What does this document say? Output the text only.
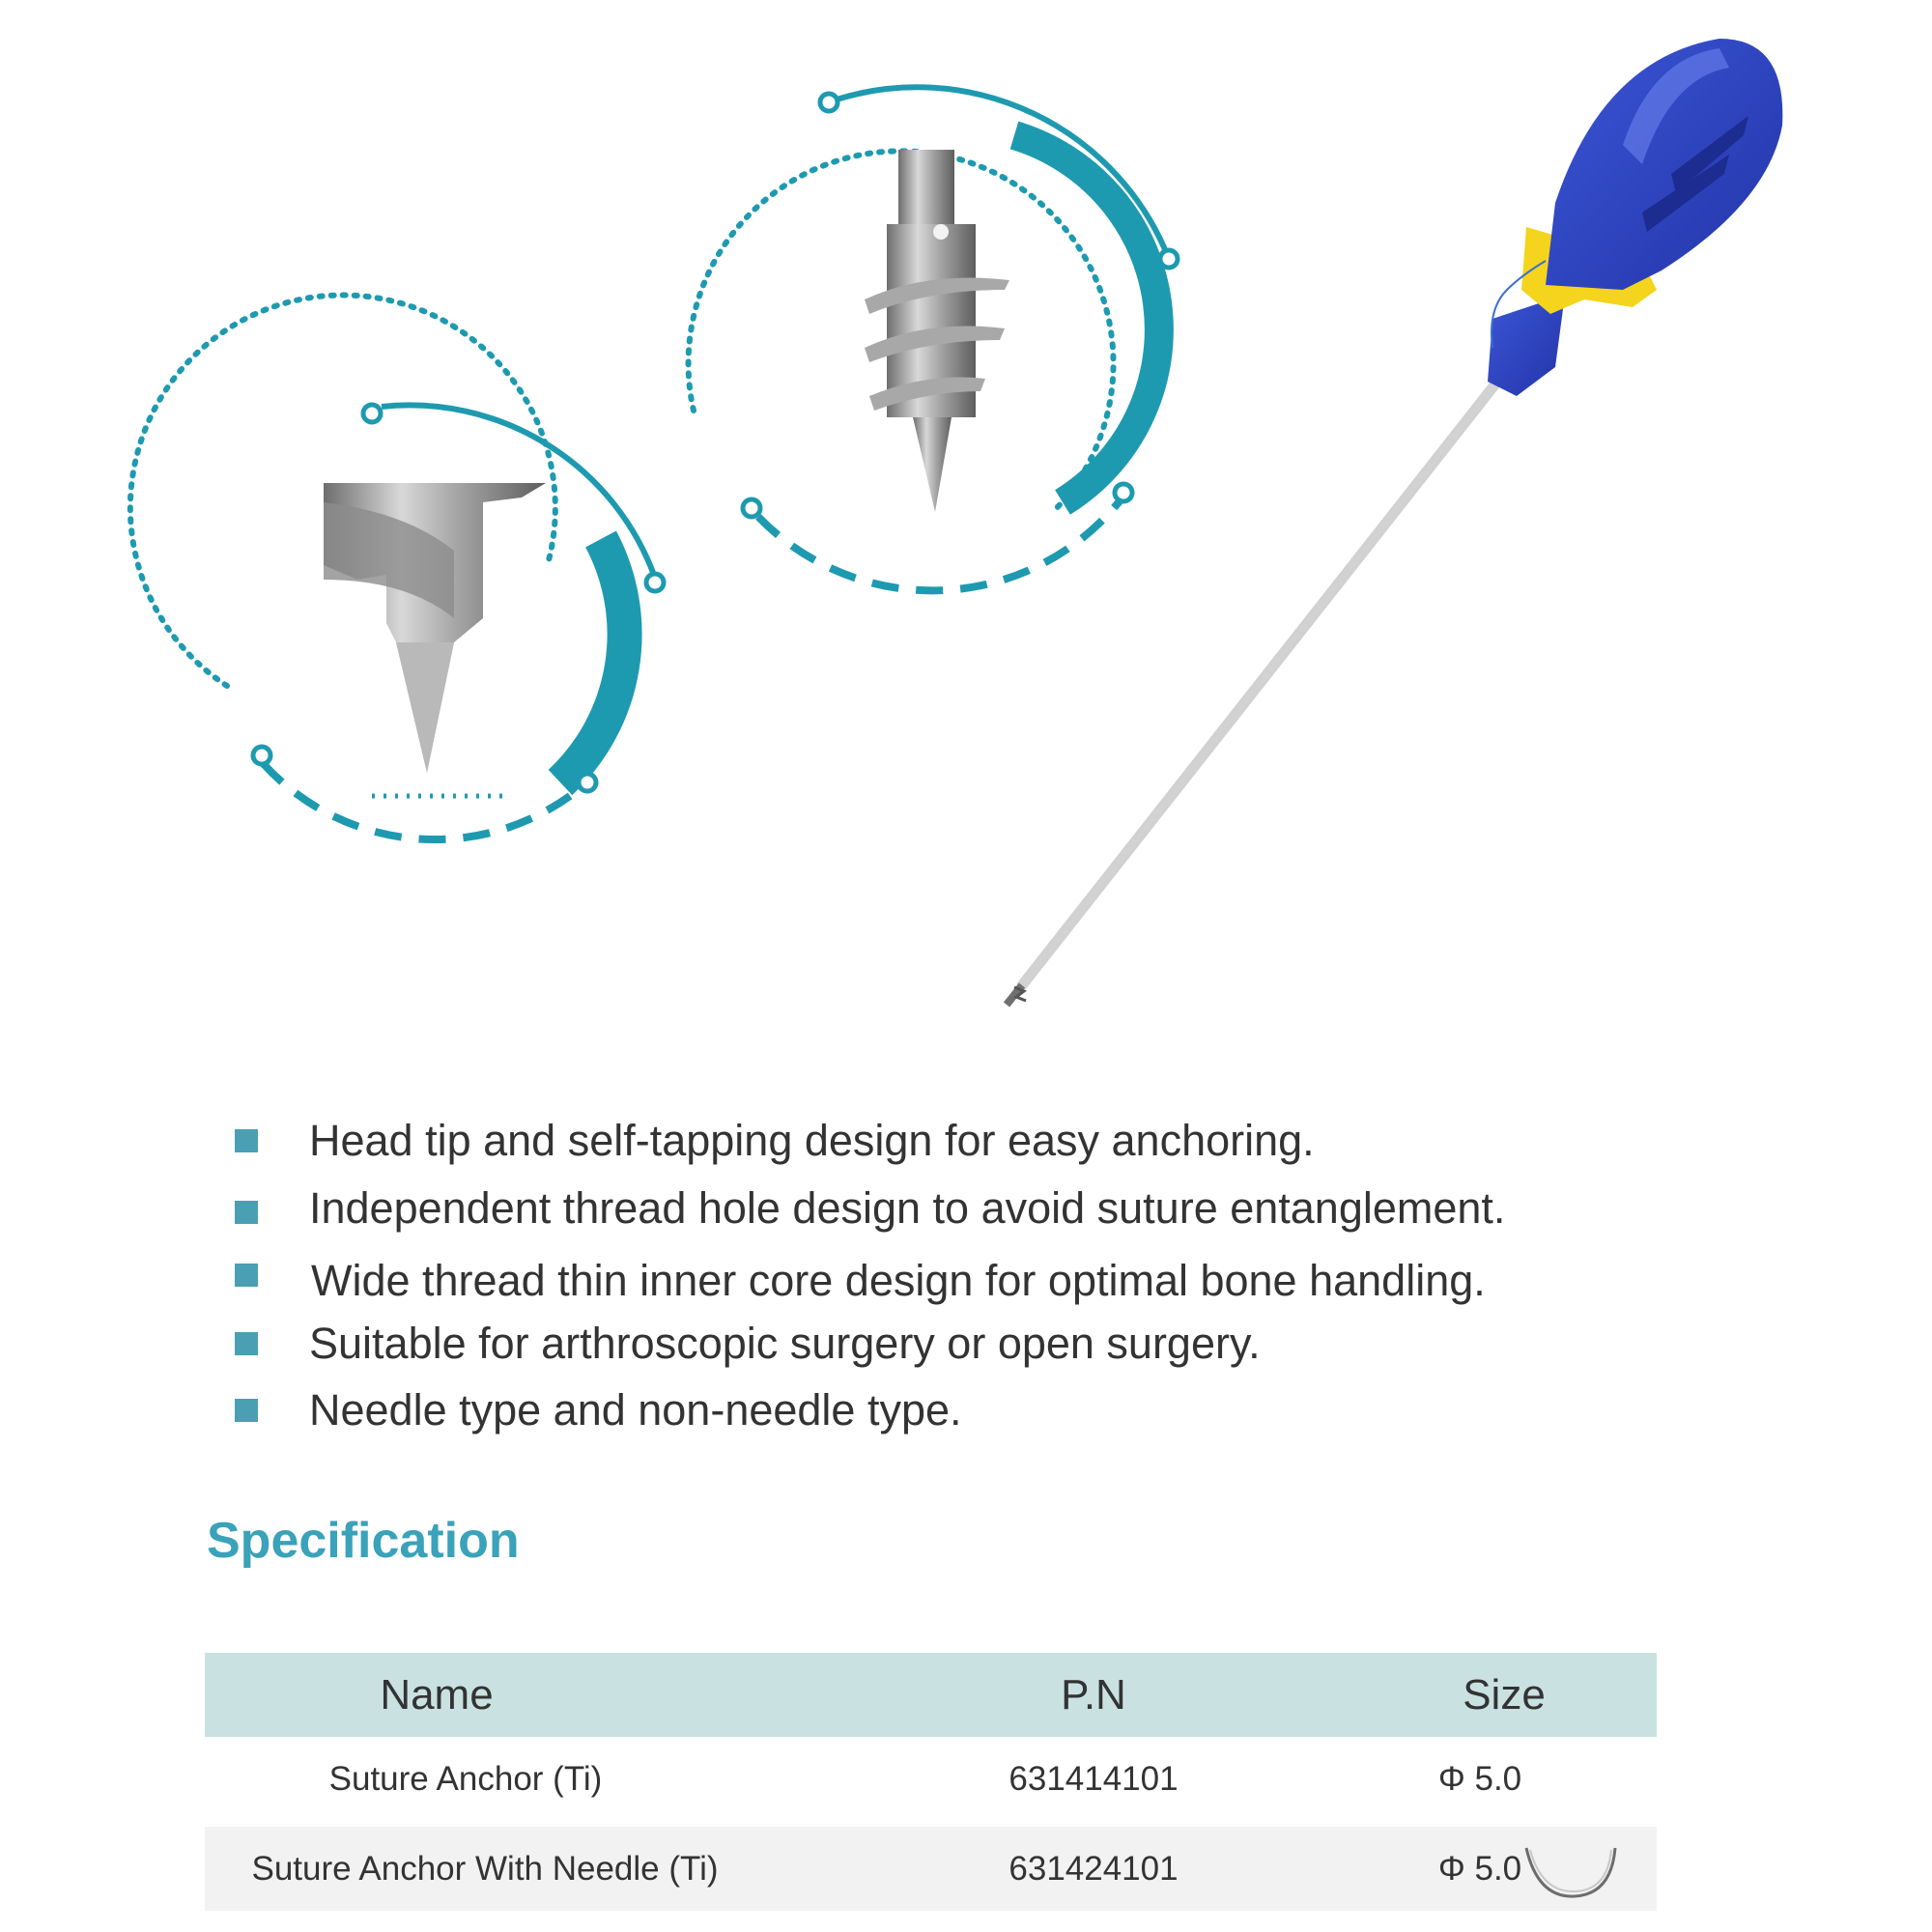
Head tip and self-tapping design for easy anchoring.
Independent thread hole design to avoid suture entanglement.
Wide thread thin inner core design for optimal bone handling.
Suitable for arthroscopic surgery or open surgery.
Needle type and non-needle type.
Specification
Name	P.N	Size
Suture Anchor (Ti)	631414101	Φ 5.0
Suture Anchor With Needle (Ti)	631424101	Φ 5.0
